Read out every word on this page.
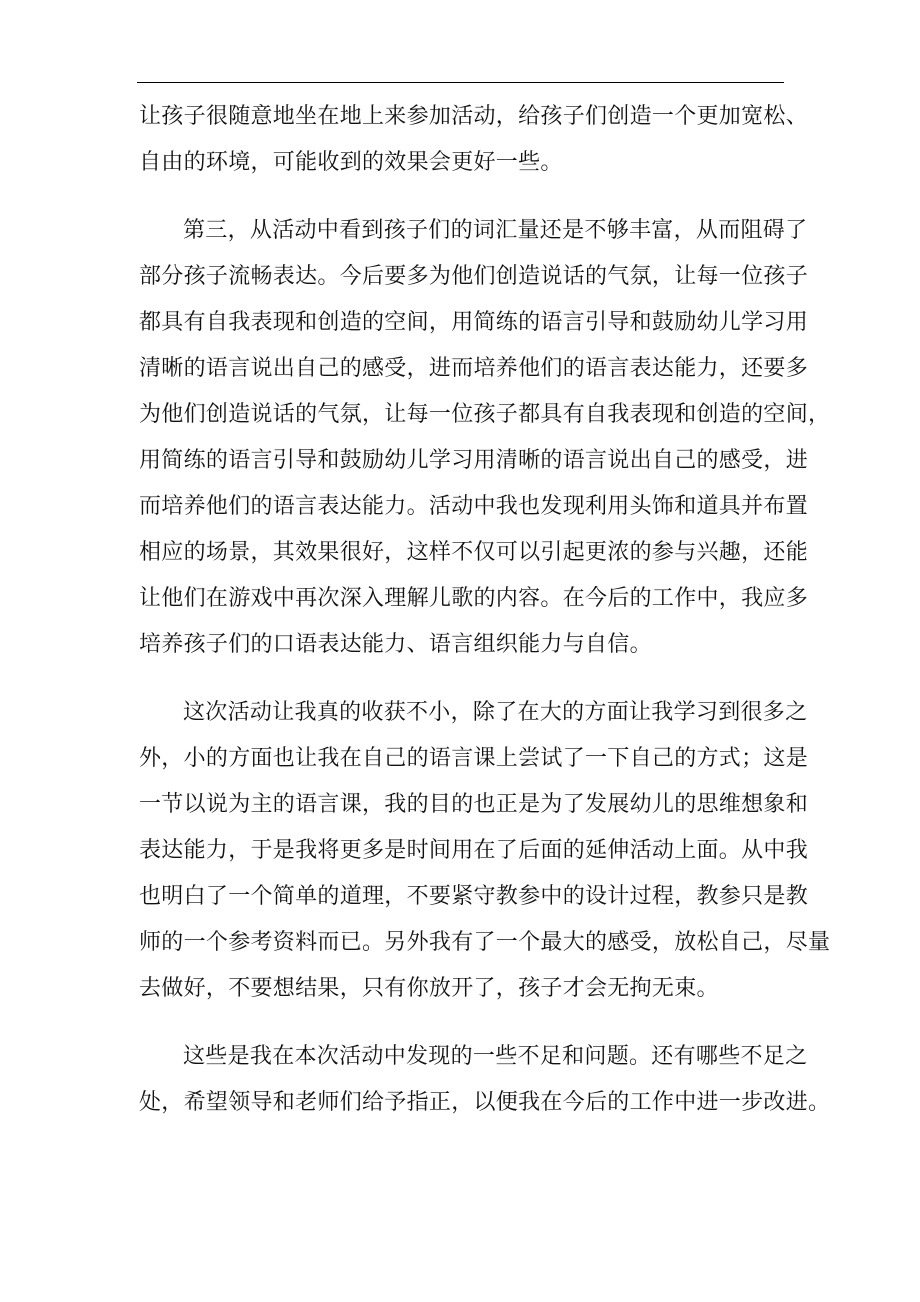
让孩子很随意地坐在地上来参加活动，给孩子们创造一个更加宽松、
自由的环境，可能收到的效果会更好一些。
第三，从活动中看到孩子们的词汇量还是不够丰富，从而阻碍了
部分孩子流畅表达。今后要多为他们创造说话的气氛，让每一位孩子
都具有自我表现和创造的空间，用简练的语言引导和鼓励幼儿学习用
清晰的语言说出自己的感受，进而培养他们的语言表达能力，还要多
为他们创造说话的气氛，让每一位孩子都具有自我表现和创造的空间，
用简练的语言引导和鼓励幼儿学习用清晰的语言说出自己的感受，进
而培养他们的语言表达能力。活动中我也发现利用头饰和道具并布置
相应的场景，其效果很好，这样不仅可以引起更浓的参与兴趣，还能
让他们在游戏中再次深入理解儿歌的内容。在今后的工作中，我应多
培养孩子们的口语表达能力、语言组织能力与自信。
这次活动让我真的收获不小，除了在大的方面让我学习到很多之
外，小的方面也让我在自己的语言课上尝试了一下自己的方式；这是
一节以说为主的语言课，我的目的也正是为了发展幼儿的思维想象和
表达能力，于是我将更多是时间用在了后面的延伸活动上面。从中我
也明白了一个简单的道理，不要紧守教参中的设计过程，教参只是教
师的一个参考资料而已。另外我有了一个最大的感受，放松自己，尽量
去做好，不要想结果，只有你放开了，孩子才会无拘无束。
这些是我在本次活动中发现的一些不足和问题。还有哪些不足之
处，希望领导和老师们给予指正，以便我在今后的工作中进一步改进。
